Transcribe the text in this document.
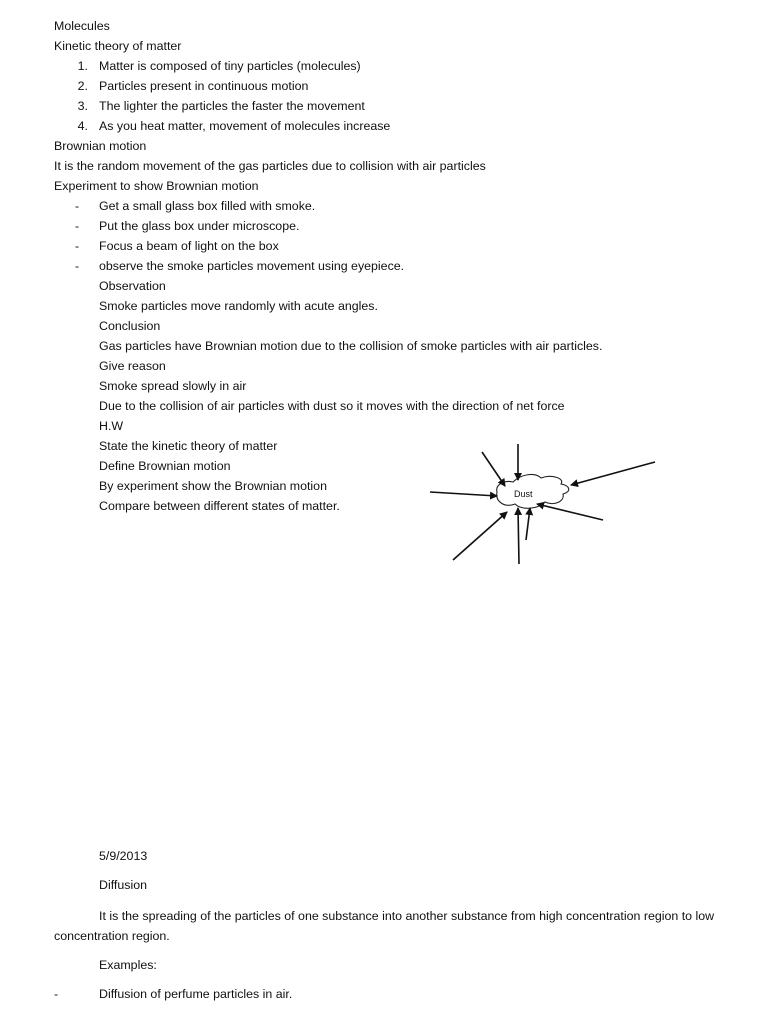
Molecules
Kinetic theory of matter
1. Matter is composed of tiny particles (molecules)
2. Particles present in continuous motion
3. The lighter the particles the faster the movement
4. As you heat matter, movement of molecules increase
Brownian motion
It is the random movement of the gas particles due to collision with air particles
Experiment to show Brownian motion
- Get a small glass box filled with smoke.
- Put the glass box under microscope.
- Focus a beam of light on the box
- observe the smoke particles movement using eyepiece.
Observation
Smoke particles move randomly with acute angles.
Conclusion
Gas particles have Brownian motion due to the collision of smoke particles with air particles.
Give reason
Smoke spread slowly in air
Due to the collision of air particles with dust so it moves with the direction of net force
H.W
State the kinetic theory of matter
Define Brownian motion
By experiment show the Brownian motion
Compare between different states of matter.
Dust
5/9/2013
Diffusion
It is the spreading of the particles of one substance into another substance from high concentration region to low concentration region.
Examples:
-	Diffusion of perfume particles in air.
